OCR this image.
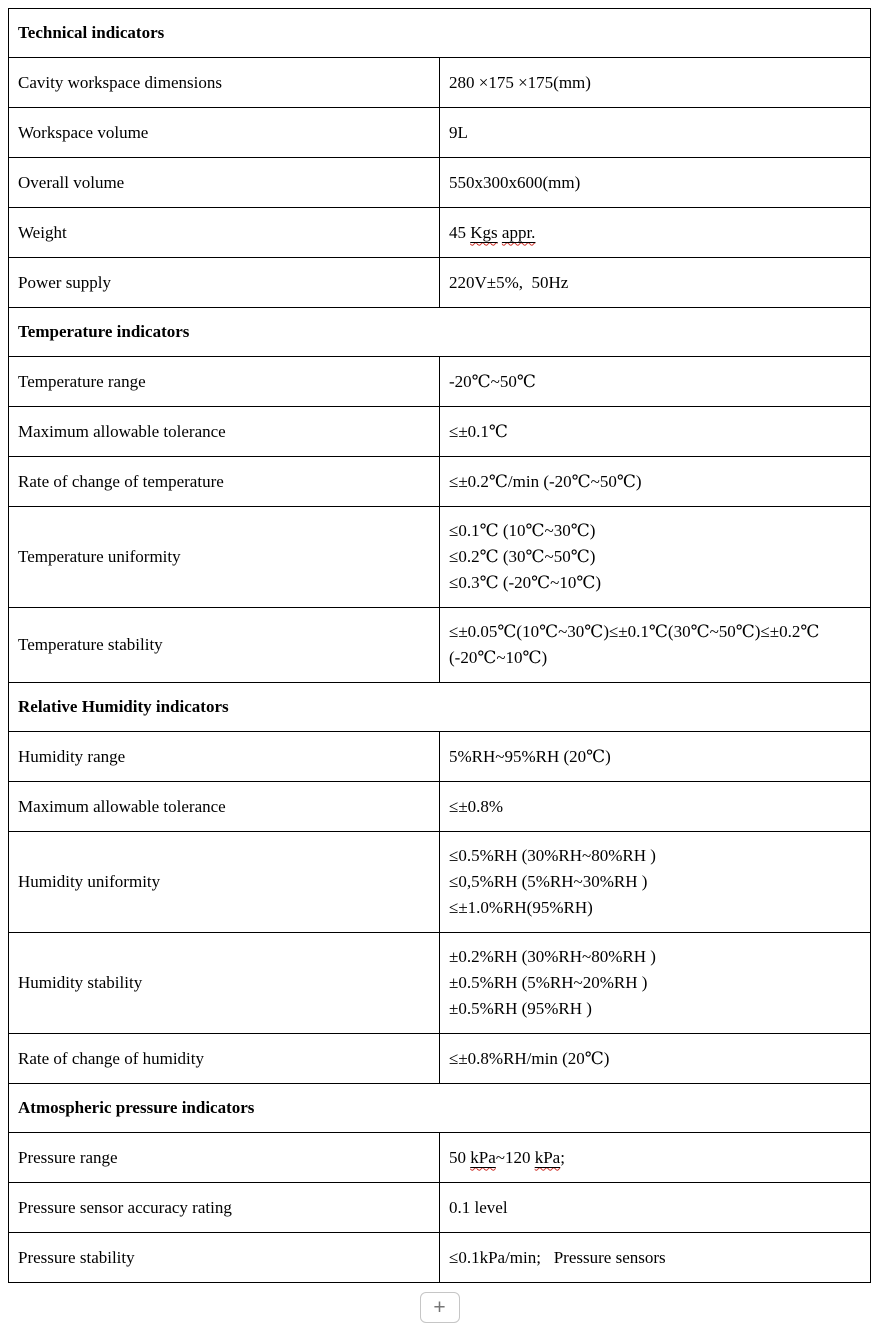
Technical indicators	
Cavity workspace dimensions	280 ×175 ×175(mm)

Workspace volume	9L

Overall volume	550x300x600(mm)

Weight	45 Kgs appr.

Power supply	220V±5%,  50Hz

Temperature indicators	
Temperature range	-20℃~50℃

Maximum allowable tolerance	≤±0.1℃

Rate of change of temperature	≤±0.2℃/min (-20℃~50℃)

Temperature uniformity	≤0.1℃ (10℃~30℃)
≤0.2℃ (30℃~50℃)
≤0.3℃ (-20℃~10℃)

Temperature stability	≤±0.05℃(10℃~30℃)≤±0.1℃(30℃~50℃)≤±0.2℃(-20℃~10℃)

Relative Humidity indicators	
Humidity range	5%RH~95%RH (20℃)

Maximum allowable tolerance	≤±0.8%

Humidity uniformity	≤0.5%RH (30%RH~80%RH )
≤0,5%RH (5%RH~30%RH )
≤±1.0%RH(95%RH)

Humidity stability	±0.2%RH (30%RH~80%RH )
±0.5%RH (5%RH~20%RH )
±0.5%RH (95%RH )

Rate of change of humidity	≤±0.8%RH/min (20℃)

Atmospheric pressure indicators	
Pressure range	50 kPa~120 kPa;

Pressure sensor accuracy rating	0.1 level

Pressure stability	≤0.1kPa/min;   Pressure sensors
+
